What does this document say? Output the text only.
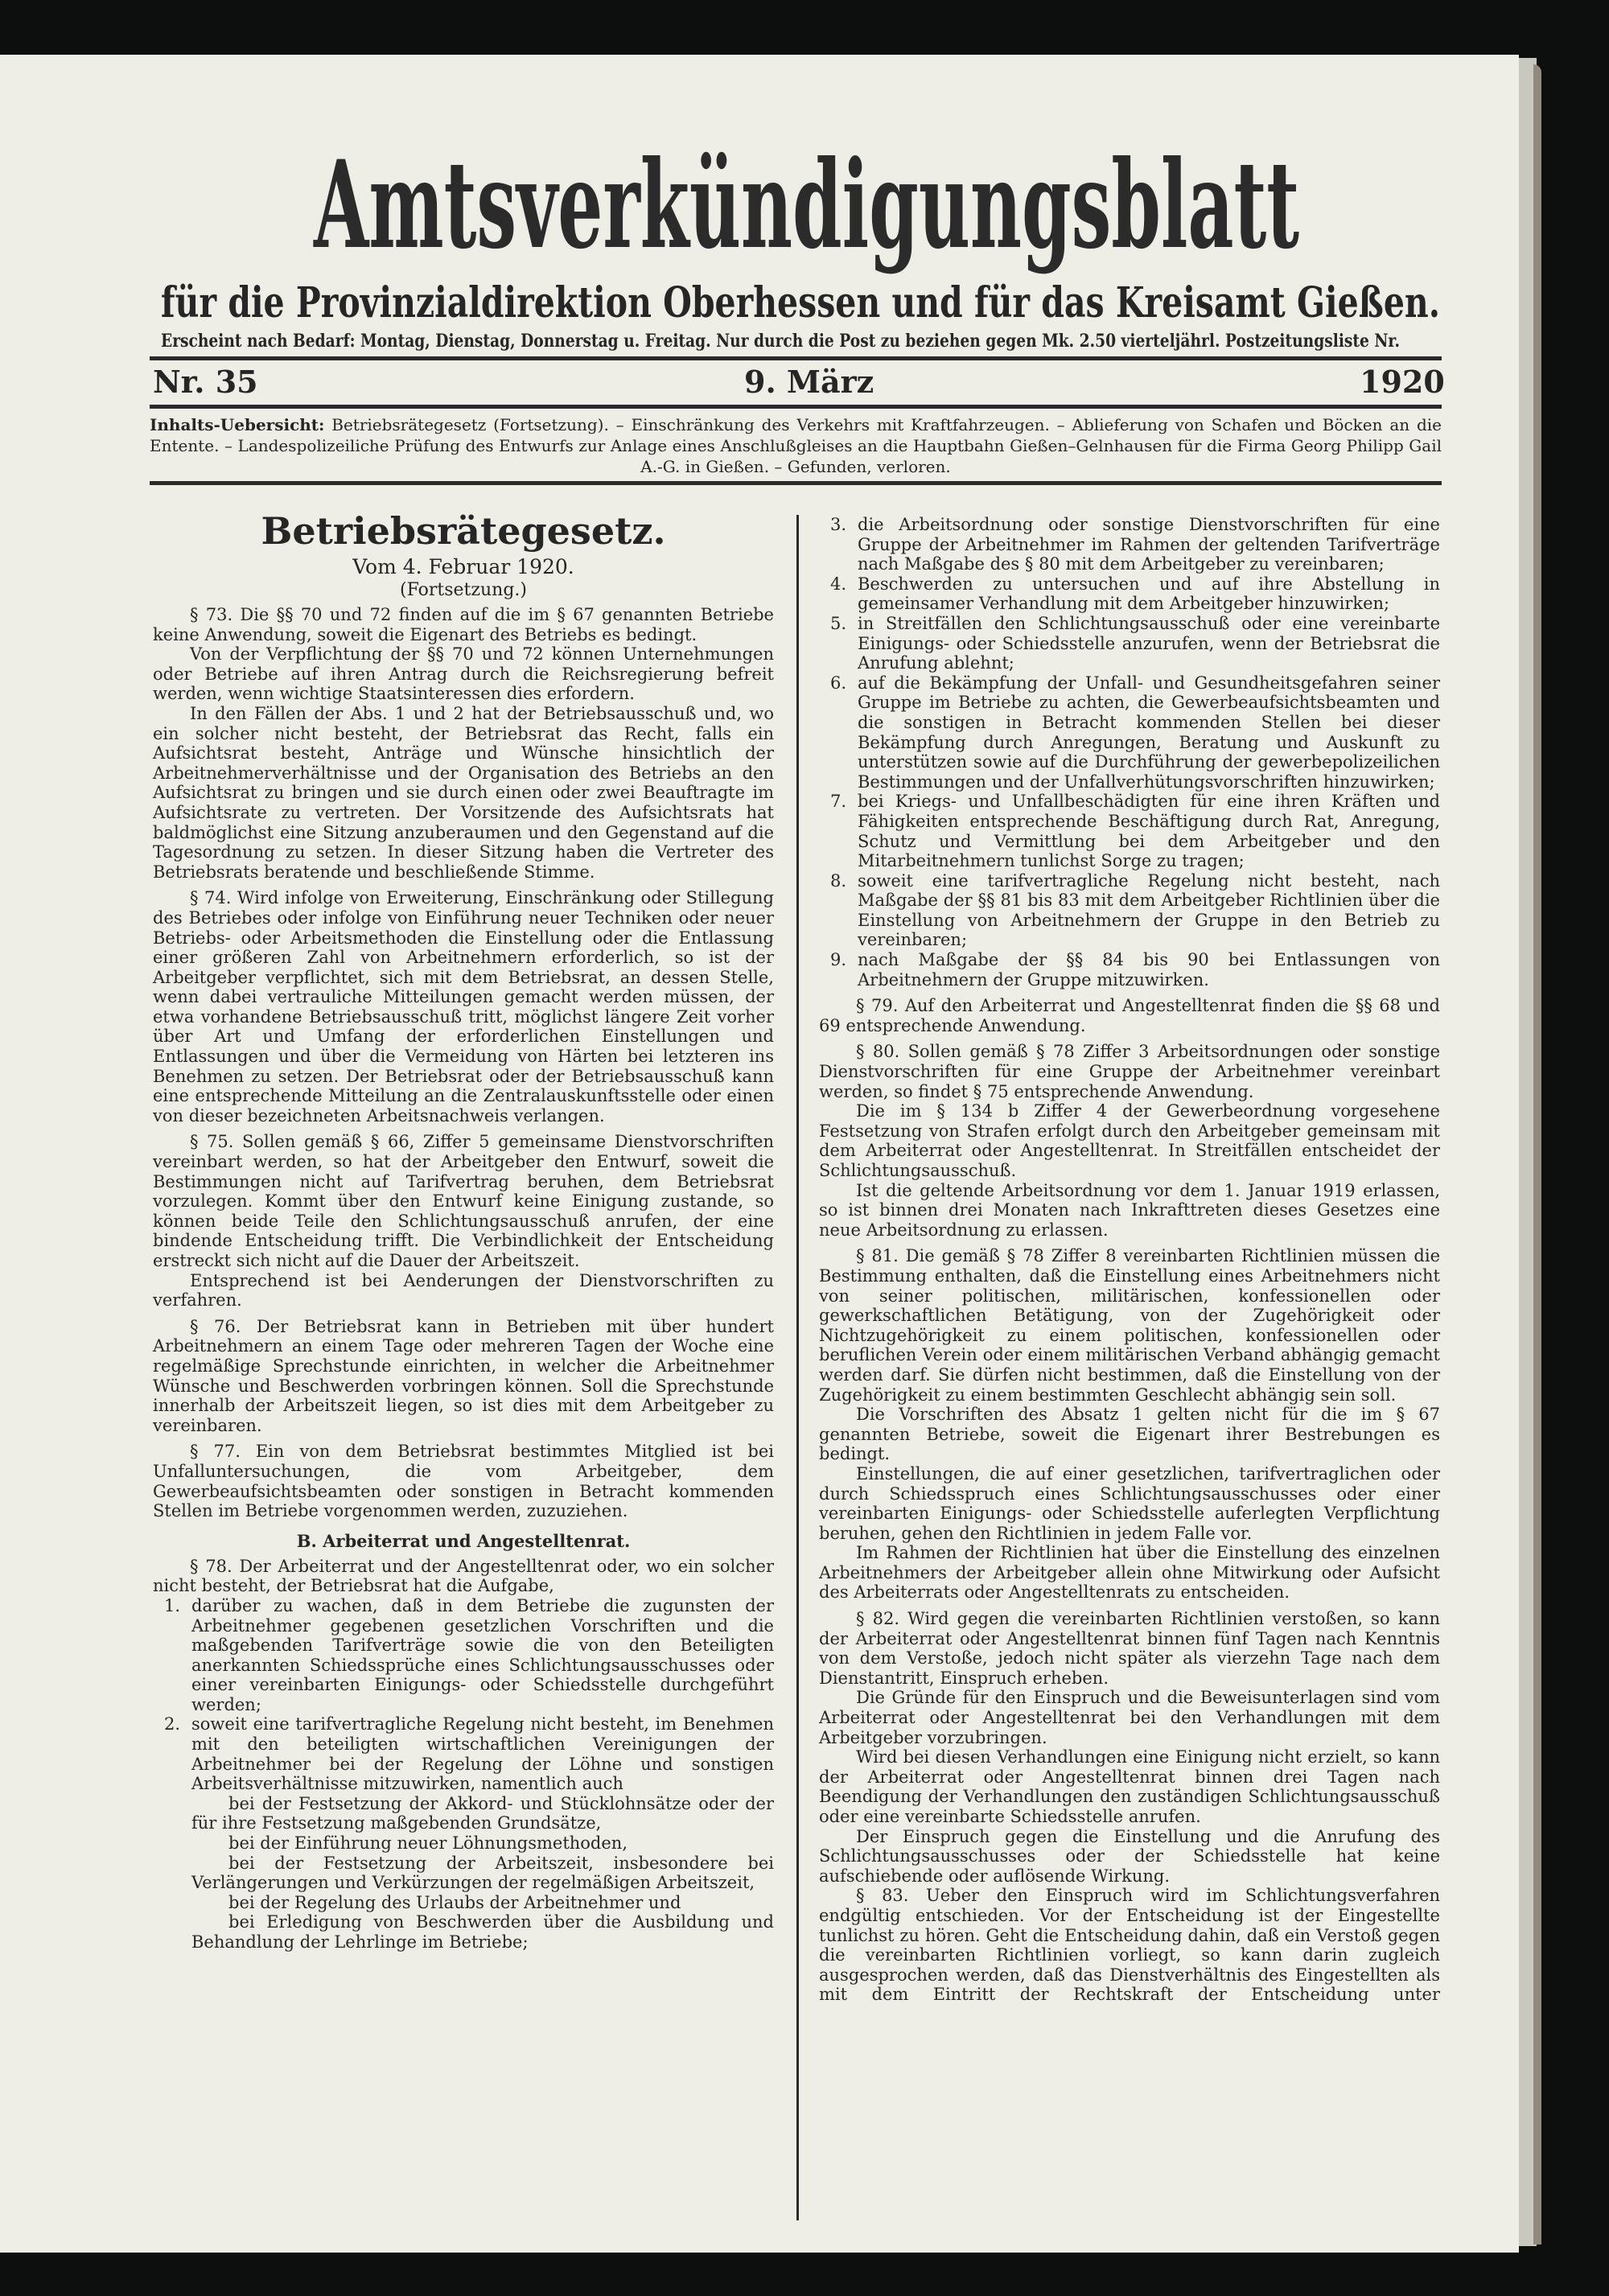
Amtsverkündigungsblatt
für die Provinzialdirektion Oberhessen und für das Kreisamt Gießen.
Erscheint nach Bedarf: Montag, Dienstag, Donnerstag u. Freitag. Nur durch die Post zu beziehen gegen Mk. 2.50 vierteljährl. Postzeitungsliste Nr.
Nr. 35	9. März	1920
Inhalts-Uebersicht: Betriebsrätegesetz (Fortsetzung). – Einschränkung des Verkehrs mit Kraftfahrzeugen. – Ablieferung von Schafen und Böcken an die Entente. – Landespolizeiliche Prüfung des Entwurfs zur Anlage eines Anschlußgleises an die Hauptbahn Gießen–Gelnhausen für die Firma Georg Philipp Gail A.-G. in Gießen. – Gefunden, verloren.
Betriebsrätegesetz.
Vom 4. Februar 1920.
(Fortsetzung.)

§ 73. Die §§ 70 und 72 finden auf die im § 67 genannten Betriebe keine Anwendung, soweit die Eigenart des Betriebs es bedingt.

Von der Verpflichtung der §§ 70 und 72 können Unternehmungen oder Betriebe auf ihren Antrag durch die Reichsregierung befreit werden, wenn wichtige Staatsinteressen dies erfordern.

In den Fällen der Abs. 1 und 2 hat der Betriebsausschuß und, wo ein solcher nicht besteht, der Betriebsrat das Recht, falls ein Aufsichtsrat besteht, Anträge und Wünsche hinsichtlich der Arbeitnehmerverhältnisse und der Organisation des Betriebs an den Aufsichtsrat zu bringen und sie durch einen oder zwei Beauftragte im Aufsichtsrate zu vertreten. Der Vorsitzende des Aufsichtsrats hat baldmöglichst eine Sitzung anzuberaumen und den Gegenstand auf die Tagesordnung zu setzen. In dieser Sitzung haben die Vertreter des Betriebsrats beratende und beschließende Stimme.

§ 74. Wird infolge von Erweiterung, Einschränkung oder Stillegung des Betriebes oder infolge von Einführung neuer Techniken oder neuer Betriebs- oder Arbeitsmethoden die Einstellung oder die Entlassung einer größeren Zahl von Arbeitnehmern erforderlich, so ist der Arbeitgeber verpflichtet, sich mit dem Betriebsrat, an dessen Stelle, wenn dabei vertrauliche Mitteilungen gemacht werden müssen, der etwa vorhandene Betriebsausschuß tritt, möglichst längere Zeit vorher über Art und Umfang der erforderlichen Einstellungen und Entlassungen und über die Vermeidung von Härten bei letzteren ins Benehmen zu setzen. Der Betriebsrat oder der Betriebsausschuß kann eine entsprechende Mitteilung an die Zentralauskunftsstelle oder einen von dieser bezeichneten Arbeitsnachweis verlangen.

§ 75. Sollen gemäß § 66, Ziffer 5 gemeinsame Dienstvorschriften vereinbart werden, so hat der Arbeitgeber den Entwurf, soweit die Bestimmungen nicht auf Tarifvertrag beruhen, dem Betriebsrat vorzulegen. Kommt über den Entwurf keine Einigung zustande, so können beide Teile den Schlichtungsausschuß anrufen, der eine bindende Entscheidung trifft. Die Verbindlichkeit der Entscheidung erstreckt sich nicht auf die Dauer der Arbeitszeit.

Entsprechend ist bei Aenderungen der Dienstvorschriften zu verfahren.

§ 76. Der Betriebsrat kann in Betrieben mit über hundert Arbeitnehmern an einem Tage oder mehreren Tagen der Woche eine regelmäßige Sprechstunde einrichten, in welcher die Arbeitnehmer Wünsche und Beschwerden vorbringen können. Soll die Sprechstunde innerhalb der Arbeitszeit liegen, so ist dies mit dem Arbeitgeber zu vereinbaren.

§ 77. Ein von dem Betriebsrat bestimmtes Mitglied ist bei Unfalluntersuchungen, die vom Arbeitgeber, dem Gewerbeaufsichtsbeamten oder sonstigen in Betracht kommenden Stellen im Betriebe vorgenommen werden, zuzuziehen.

B. Arbeiterrat und Angestelltenrat.

§ 78. Der Arbeiterrat und der Angestelltenrat oder, wo ein solcher nicht besteht, der Betriebsrat hat die Aufgabe,

1. darüber zu wachen, daß in dem Betriebe die zugunsten der Arbeitnehmer gegebenen gesetzlichen Vorschriften und die maßgebenden Tarifverträge sowie die von den Beteiligten anerkannten Schiedssprüche eines Schlichtungsausschusses oder einer vereinbarten Einigungs- oder Schiedsstelle durchgeführt werden;
2. soweit eine tarifvertragliche Regelung nicht besteht, im Benehmen mit den beteiligten wirtschaftlichen Vereinigungen der Arbeitnehmer bei der Regelung der Löhne und sonstigen Arbeitsverhältnisse mitzuwirken, namentlich auch
bei der Festsetzung der Akkord- und Stücklohnsätze oder der für ihre Festsetzung maßgebenden Grundsätze,
bei der Einführung neuer Löhnungsmethoden,
bei der Festsetzung der Arbeitszeit, insbesondere bei Verlängerungen und Verkürzungen der regelmäßigen Arbeitszeit,
bei der Regelung des Urlaubs der Arbeitnehmer und
bei Erledigung von Beschwerden über die Ausbildung und Behandlung der Lehrlinge im Betriebe;
3. die Arbeitsordnung oder sonstige Dienstvorschriften für eine Gruppe der Arbeitnehmer im Rahmen der geltenden Tarifverträge nach Maßgabe des § 80 mit dem Arbeitgeber zu vereinbaren;
4. Beschwerden zu untersuchen und auf ihre Abstellung in gemeinsamer Verhandlung mit dem Arbeitgeber hinzuwirken;
5. in Streitfällen den Schlichtungsausschuß oder eine vereinbarte Einigungs- oder Schiedsstelle anzurufen, wenn der Betriebsrat die Anrufung ablehnt;
6. auf die Bekämpfung der Unfall- und Gesundheitsgefahren seiner Gruppe im Betriebe zu achten, die Gewerbeaufsichtsbeamten und die sonstigen in Betracht kommenden Stellen bei dieser Bekämpfung durch Anregungen, Beratung und Auskunft zu unterstützen sowie auf die Durchführung der gewerbepolizeilichen Bestimmungen und der Unfallverhütungsvorschriften hinzuwirken;
7. bei Kriegs- und Unfallbeschädigten für eine ihren Kräften und Fähigkeiten entsprechende Beschäftigung durch Rat, Anregung, Schutz und Vermittlung bei dem Arbeitgeber und den Mitarbeitnehmern tunlichst Sorge zu tragen;
8. soweit eine tarifvertragliche Regelung nicht besteht, nach Maßgabe der §§ 81 bis 83 mit dem Arbeitgeber Richtlinien über die Einstellung von Arbeitnehmern der Gruppe in den Betrieb zu vereinbaren;
9. nach Maßgabe der §§ 84 bis 90 bei Entlassungen von Arbeitnehmern der Gruppe mitzuwirken.

§ 79. Auf den Arbeiterrat und Angestelltenrat finden die §§ 68 und 69 entsprechende Anwendung.

§ 80. Sollen gemäß § 78 Ziffer 3 Arbeitsordnungen oder sonstige Dienstvorschriften für eine Gruppe der Arbeitnehmer vereinbart werden, so findet § 75 entsprechende Anwendung.

Die im § 134 b Ziffer 4 der Gewerbeordnung vorgesehene Festsetzung von Strafen erfolgt durch den Arbeitgeber gemeinsam mit dem Arbeiterrat oder Angestelltenrat. In Streitfällen entscheidet der Schlichtungsausschuß.

Ist die geltende Arbeitsordnung vor dem 1. Januar 1919 erlassen, so ist binnen drei Monaten nach Inkrafttreten dieses Gesetzes eine neue Arbeitsordnung zu erlassen.

§ 81. Die gemäß § 78 Ziffer 8 vereinbarten Richtlinien müssen die Bestimmung enthalten, daß die Einstellung eines Arbeitnehmers nicht von seiner politischen, militärischen, konfessionellen oder gewerkschaftlichen Betätigung, von der Zugehörigkeit oder Nichtzugehörigkeit zu einem politischen, konfessionellen oder beruflichen Verein oder einem militärischen Verband abhängig gemacht werden darf. Sie dürfen nicht bestimmen, daß die Einstellung von der Zugehörigkeit zu einem bestimmten Geschlecht abhängig sein soll.

Die Vorschriften des Absatz 1 gelten nicht für die im § 67 genannten Betriebe, soweit die Eigenart ihrer Bestrebungen es bedingt.

Einstellungen, die auf einer gesetzlichen, tarifvertraglichen oder durch Schiedsspruch eines Schlichtungsausschusses oder einer vereinbarten Einigungs- oder Schiedsstelle auferlegten Verpflichtung beruhen, gehen den Richtlinien in jedem Falle vor.

Im Rahmen der Richtlinien hat über die Einstellung des einzelnen Arbeitnehmers der Arbeitgeber allein ohne Mitwirkung oder Aufsicht des Arbeiterrats oder Angestelltenrats zu entscheiden.

§ 82. Wird gegen die vereinbarten Richtlinien verstoßen, so kann der Arbeiterrat oder Angestelltenrat binnen fünf Tagen nach Kenntnis von dem Verstoße, jedoch nicht später als vierzehn Tage nach dem Dienstantritt, Einspruch erheben.

Die Gründe für den Einspruch und die Beweisunterlagen sind vom Arbeiterrat oder Angestelltenrat bei den Verhandlungen mit dem Arbeitgeber vorzubringen.

Wird bei diesen Verhandlungen eine Einigung nicht erzielt, so kann der Arbeiterrat oder Angestelltenrat binnen drei Tagen nach Beendigung der Verhandlungen den zuständigen Schlichtungsausschuß oder eine vereinbarte Schiedsstelle anrufen.

Der Einspruch gegen die Einstellung und die Anrufung des Schlichtungsausschusses oder der Schiedsstelle hat keine aufschiebende oder auflösende Wirkung.

§ 83. Ueber den Einspruch wird im Schlichtungsverfahren endgültig entschieden. Vor der Entscheidung ist der Eingestellte tunlichst zu hören. Geht die Entscheidung dahin, daß ein Verstoß gegen die vereinbarten Richtlinien vorliegt, so kann darin zugleich ausgesprochen werden, daß das Dienstverhältnis des Eingestellten als mit dem Eintritt der Rechtskraft der Entscheidung unter
